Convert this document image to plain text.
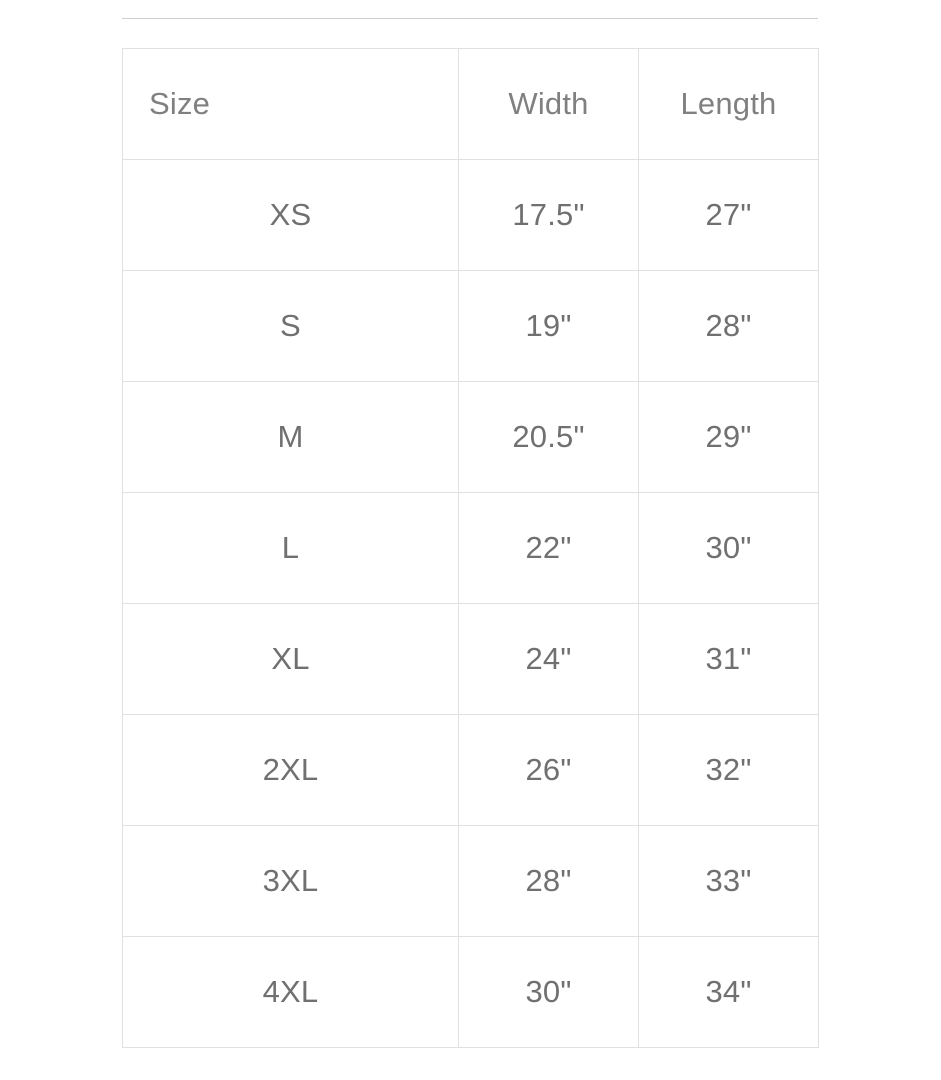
Size	Width	Length
XS	17.5"	27"
S	19"	28"
M	20.5"	29"
L	22"	30"
XL	24"	31"
2XL	26"	32"
3XL	28"	33"
4XL	30"	34"
